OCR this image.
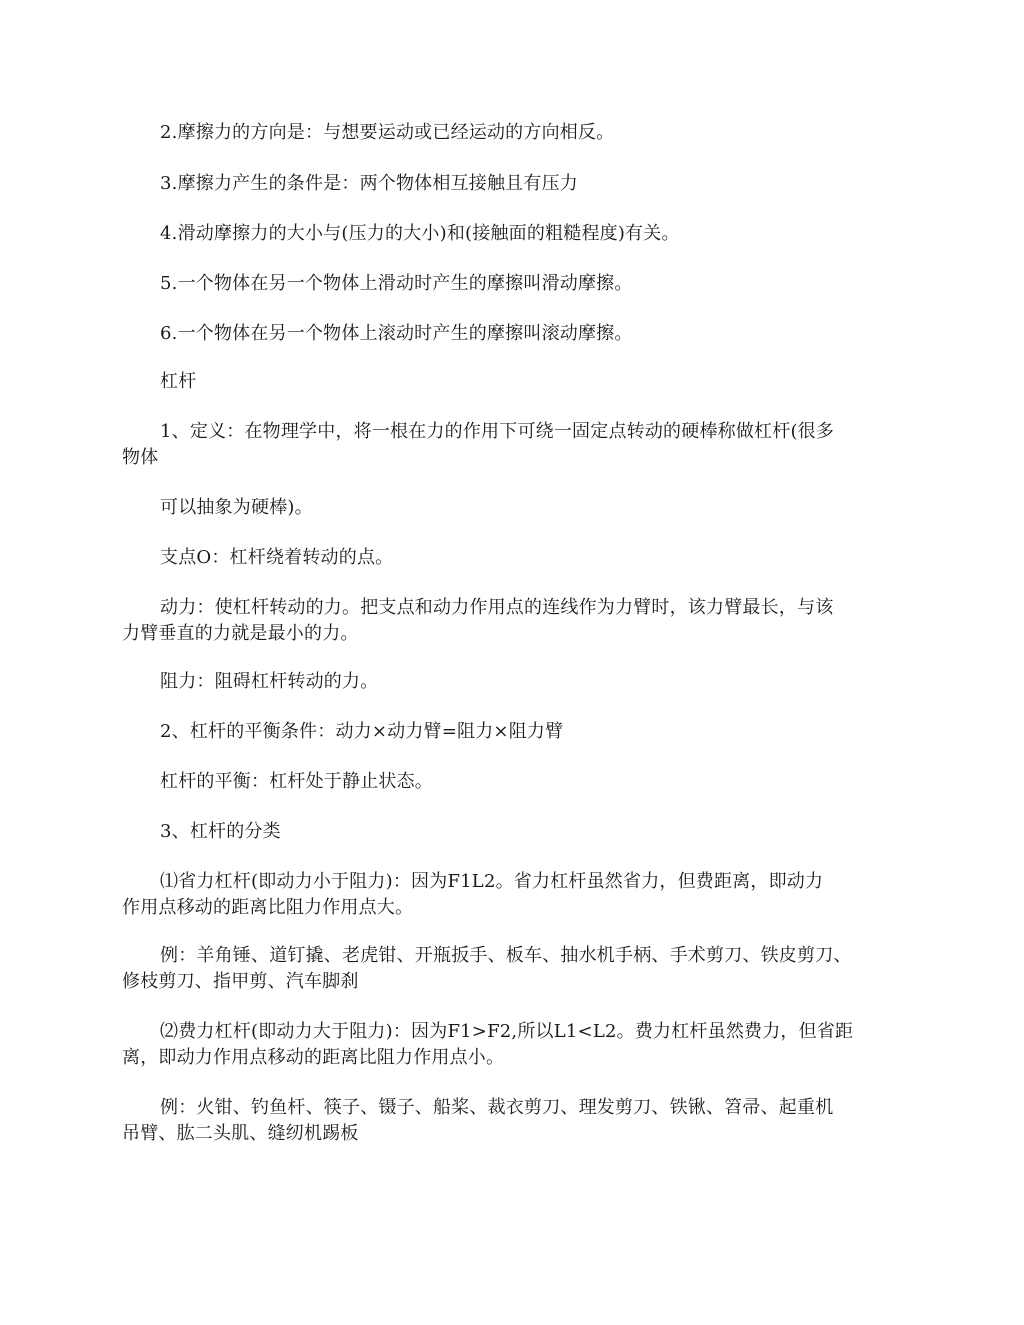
2.摩擦力的方向是：与想要运动或已经运动的方向相反。
3.摩擦力产生的条件是：两个物体相互接触且有压力
4.滑动摩擦力的大小与(压力的大小)和(接触面的粗糙程度)有关。
5.一个物体在另一个物体上滑动时产生的摩擦叫滑动摩擦。
6.一个物体在另一个物体上滚动时产生的摩擦叫滚动摩擦。
杠杆
1、定义：在物理学中，将一根在力的作用下可绕一固定点转动的硬棒称做杠杆(很多
物体
可以抽象为硬棒)。
支点O：杠杆绕着转动的点。
动力：使杠杆转动的力。把支点和动力作用点的连线作为力臂时，该力臂最长，与该
力臂垂直的力就是最小的力。
阻力：阻碍杠杆转动的力。
2、杠杆的平衡条件：动力×动力臂=阻力×阻力臂
杠杆的平衡：杠杆处于静止状态。
3、杠杆的分类
⑴省力杠杆(即动力小于阻力)：因为F1L2。省力杠杆虽然省力，但费距离，即动力
作用点移动的距离比阻力作用点大。
例：羊角锤、道钉撬、老虎钳、开瓶扳手、板车、抽水机手柄、手术剪刀、铁皮剪刀、
修枝剪刀、指甲剪、汽车脚刹
⑵费力杠杆(即动力大于阻力)：因为F1>F2,所以L1<L2。费力杠杆虽然费力，但省距
离，即动力作用点移动的距离比阻力作用点小。
例：火钳、钓鱼杆、筷子、镊子、船桨、裁衣剪刀、理发剪刀、铁锹、笤帚、起重机
吊臂、肱二头肌、缝纫机踢板
